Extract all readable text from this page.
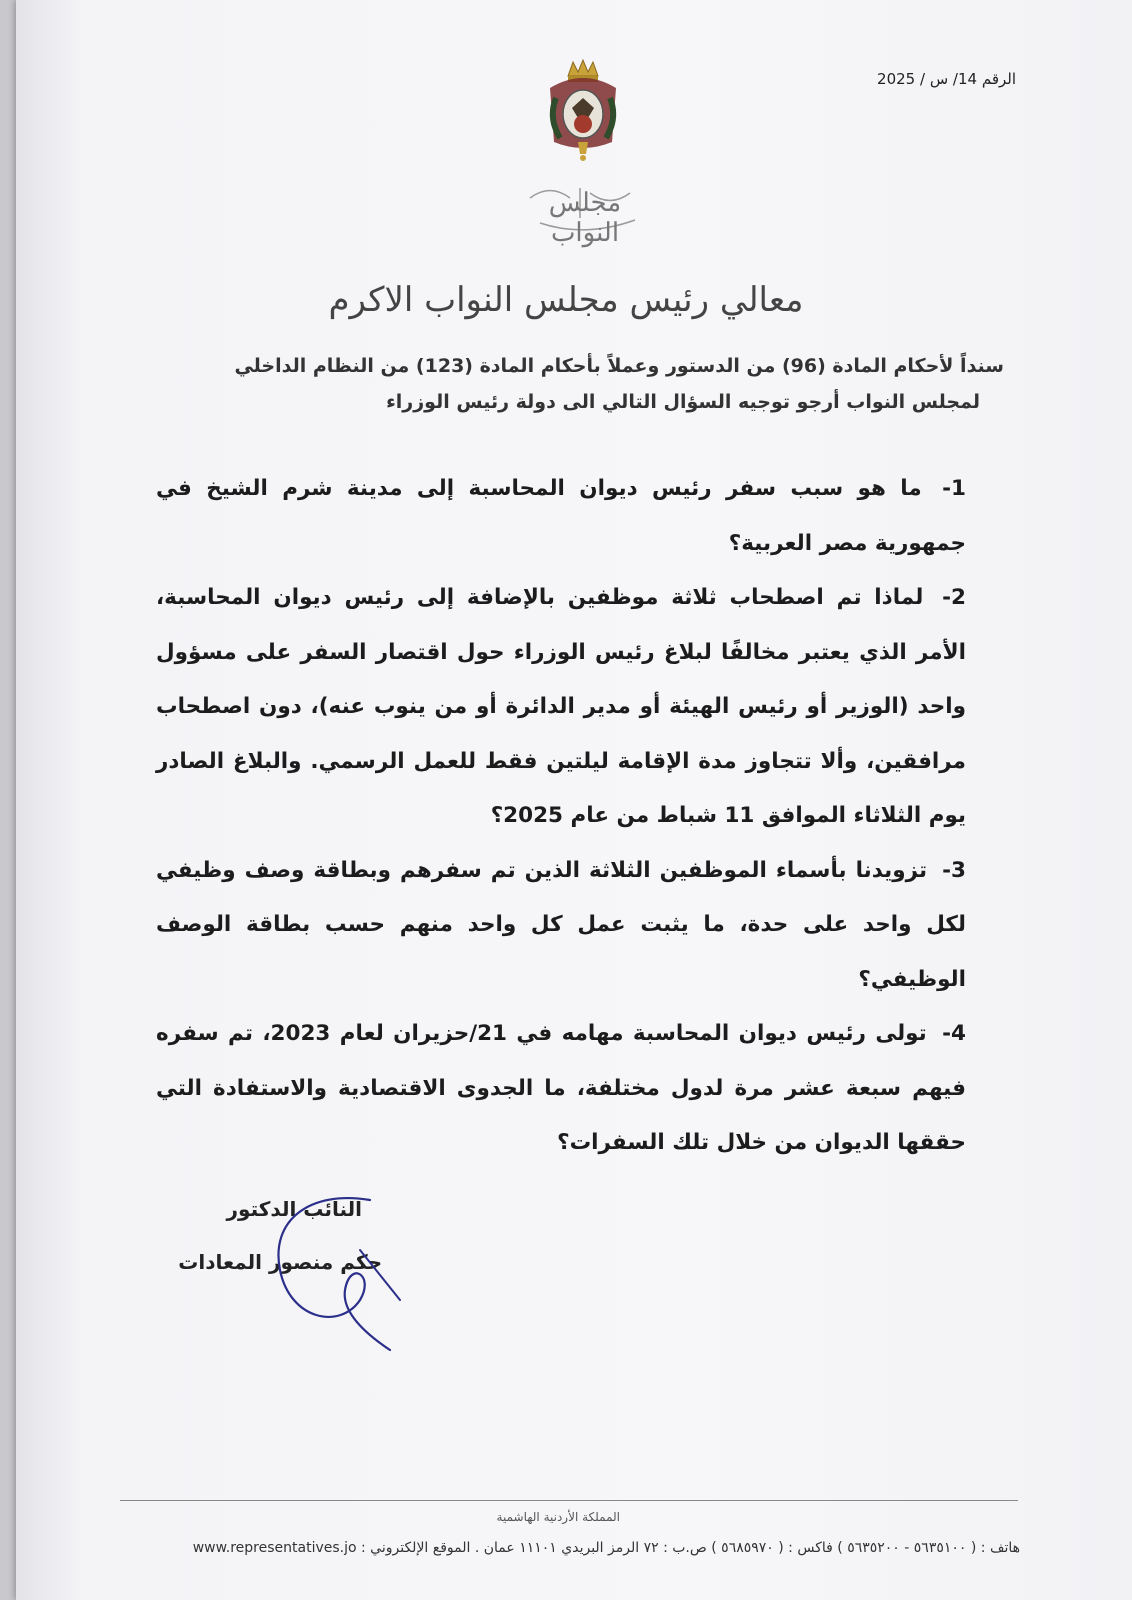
الرقم 14/ س / 2025
مجلس النواب
معالي رئيس مجلس النواب الاكرم
سنداً لأحكام المادة (96) من الدستور وعملاً بأحكام المادة (123) من النظام الداخلي
لمجلس النواب أرجو توجيه السؤال التالي الى دولة رئيس الوزراء

1- ما هو سبب سفر رئيس ديوان المحاسبة إلى مدينة شرم الشيخ في جمهورية مصر العربية؟

2- لماذا تم اصطحاب ثلاثة موظفين بالإضافة إلى رئيس ديوان المحاسبة، الأمر الذي يعتبر مخالفًا لبلاغ رئيس الوزراء حول اقتصار السفر على مسؤول واحد (الوزير أو رئيس الهيئة أو مدير الدائرة أو من ينوب عنه)، دون اصطحاب مرافقين، وألا تتجاوز مدة الإقامة ليلتين فقط للعمل الرسمي. والبلاغ الصادر يوم الثلاثاء الموافق 11 شباط من عام 2025؟

3- تزويدنا بأسماء الموظفين الثلاثة الذين تم سفرهم وبطاقة وصف وظيفي لكل واحد على حدة، ما يثبت عمل كل واحد منهم حسب بطاقة الوصف الوظيفي؟

4- تولى رئيس ديوان المحاسبة مهامه في 21/حزيران لعام 2023، تم سفره فيهم سبعة عشر مرة لدول مختلفة، ما الجدوى الاقتصادية والاستفادة التي حققها الديوان من خلال تلك السفرات؟

النائب الدكتور
حكم منصور المعادات
المملكة الأردنية الهاشمية
هاتف : ( ٥٦٣٥١٠٠ - ٥٦٣٥٢٠٠ ) فاكس : ( ٥٦٨٥٩٧٠ ) ص.ب : ٧٢ الرمز البريدي ١١١٠١ عمان . الموقع الإلكتروني : www.representatives.jo
